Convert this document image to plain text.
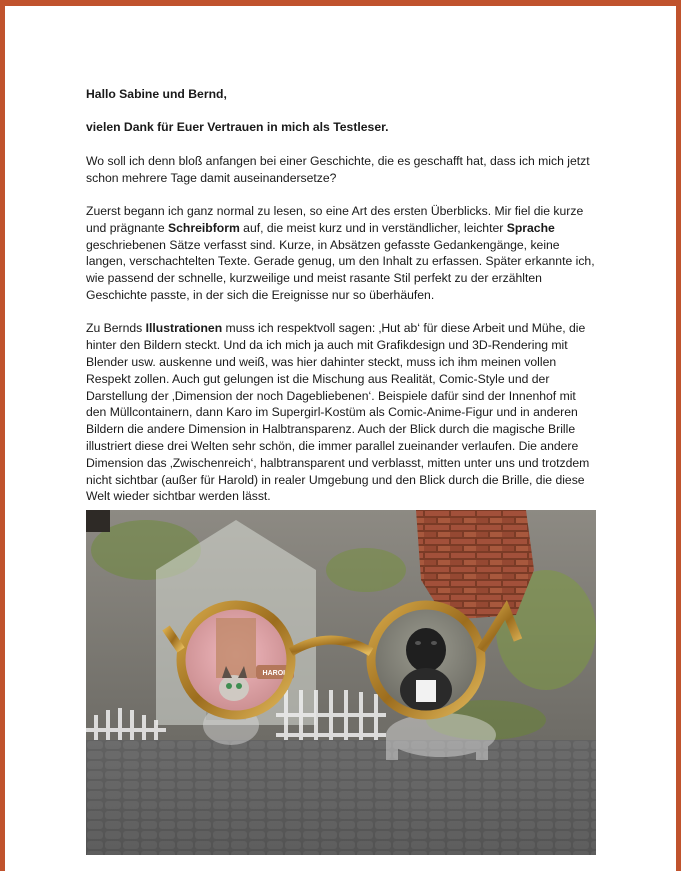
Hallo Sabine und Bernd,

vielen Dank für Euer Vertrauen in mich als Testleser.

Wo soll ich denn bloß anfangen bei einer Geschichte, die es geschafft hat, dass ich mich jetzt schon mehrere Tage damit auseinandersetze?

Zuerst begann ich ganz normal zu lesen, so eine Art des ersten Überblicks. Mir fiel die kurze und prägnante Schreibform auf, die meist kurz und in verständlicher, leichter Sprache geschriebenen Sätze verfasst sind. Kurze, in Absätzen gefasste Gedankengänge, keine langen, verschachtelten Texte. Gerade genug, um den Inhalt zu erfassen. Später erkannte ich, wie passend der schnelle, kurzweilige und meist rasante Stil perfekt zu der erzählten Geschichte passte, in der sich die Ereignisse nur so überhäufen.

Zu Bernds Illustrationen muss ich respektvoll sagen: ‚Hut ab‘ für diese Arbeit und Mühe, die hinter den Bildern steckt. Und da ich mich ja auch mit Grafikdesign und 3D-Rendering mit Blender usw. auskenne und weiß, was hier dahinter steckt, muss ich ihm meinen vollen Respekt zollen. Auch gut gelungen ist die Mischung aus Realität, Comic-Style und der Darstellung der ‚Dimension der noch Dagebliebenen‘. Beispiele dafür sind der Innenhof mit den Müllcontainern, dann Karo im Supergirl-Kostüm als Comic-Anime-Figur und in anderen Bildern die andere Dimension in Halbtransparenz. Auch der Blick durch die magische Brille illustriert diese drei Welten sehr schön, die immer parallel zueinander verlaufen. Die andere Dimension das ‚Zwischenreich‘, halbtransparent und verblasst, mitten unter uns und trotzdem nicht sichtbar (außer für Harold) in realer Umgebung und den Blick durch die Brille, die diese Welt wieder sichtbar werden lässt.

HAROL
